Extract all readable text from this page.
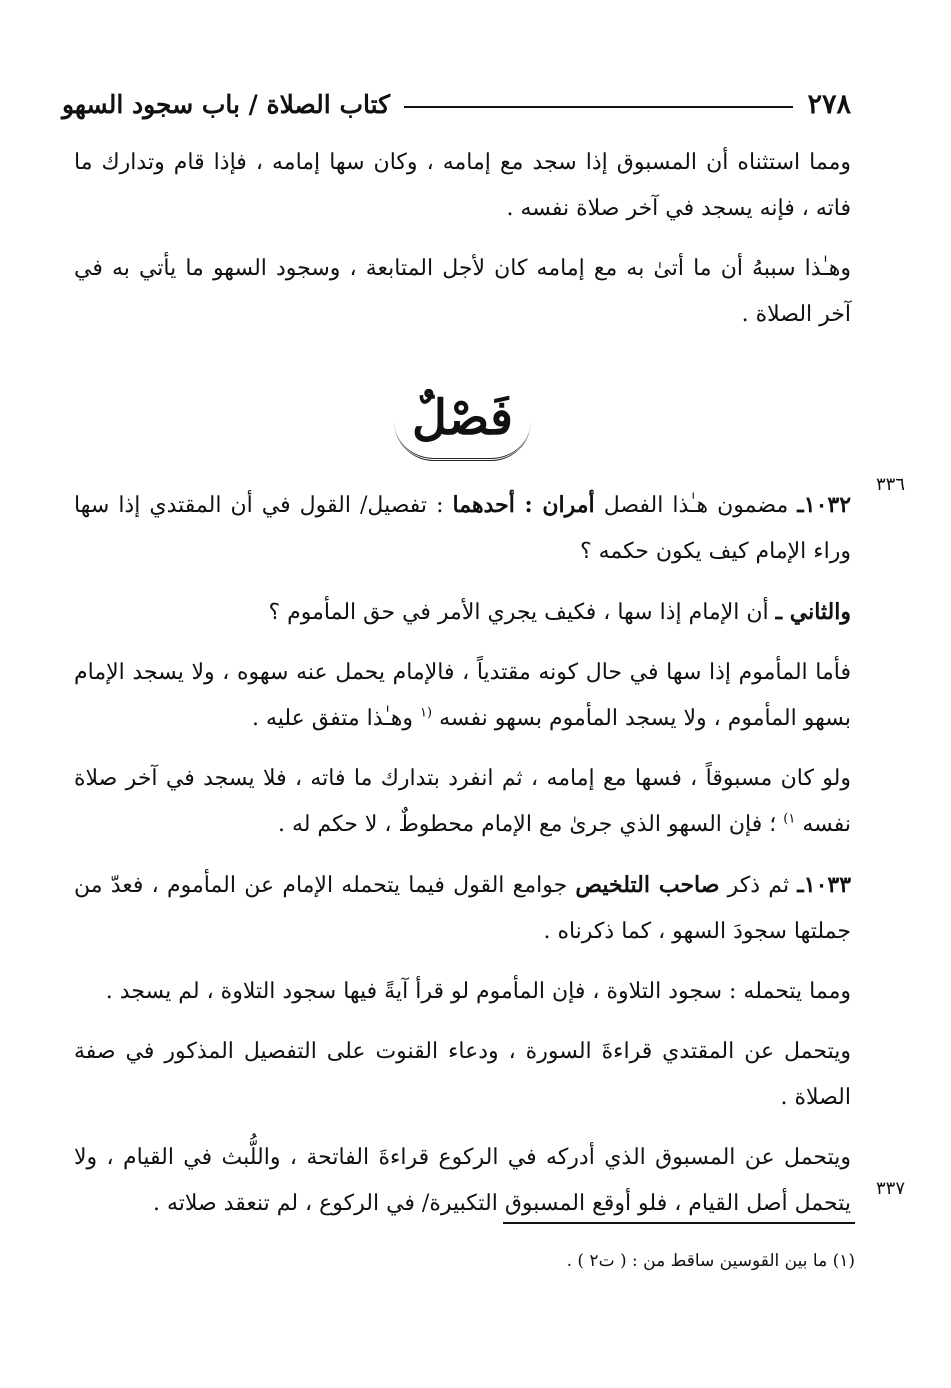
٢٧٨
كتاب الصلاة / باب سجود السهو
٣٣٦
٣٣٧

ومما استثناه أن المسبوق إذا سجد مع إمامه ، وكان سها إمامه ، فإذا قام وتدارك ما فاته ، فإنه يسجد في آخر صلاة نفسه .

وهـٰذا سببهُ أن ما أتىٰ به مع إمامه كان لأجل المتابعة ، وسجود السهو ما يأتي به في آخر الصلاة .

فَصْلٌ

١٠٣٢ـ مضمون هـٰذا الفصل أمران : أحدهما : تفصيل/ القول في أن المقتدي إذا سها وراء الإمام كيف يكون حكمه ؟

والثاني ـ أن الإمام إذا سها ، فكيف يجري الأمر في حق المأموم ؟

فأما المأموم إذا سها في حال كونه مقتدياً ، فالإمام يحمل عنه سهوه ، ولا يسجد الإمام بسهو المأموم ، ولا يسجد المأموم بسهو نفسه $^{(١}$ وهـٰذا متفق عليه .

ولو كان مسبوقاً ، فسها مع إمامه ، ثم انفرد بتدارك ما فاته ، فلا يسجد في آخر صلاة نفسه $^{١)}$ ؛ فإن السهو الذي جرىٰ مع الإمام محطوطٌ ، لا حكم له .

١٠٣٣ـ ثم ذكر صاحب التلخيص جوامع القول فيما يتحمله الإمام عن المأموم ، فعدّ من جملتها سجودَ السهو ، كما ذكرناه .

ومما يتحمله : سجود التلاوة ، فإن المأموم لو قرأ آيةً فيها سجود التلاوة ، لم يسجد .

ويتحمل عن المقتدي قراءةَ السورة ، ودعاء القنوت على التفصيل المذكور في صفة الصلاة .

ويتحمل عن المسبوق الذي أدركه في الركوع قراءةَ الفاتحة ، واللُّبث في القيام ، ولا يتحمل أصل القيام ، فلو أوقع المسبوق التكبيرة/ في الركوع ، لم تنعقد صلاته .

(١) ما بين القوسين ساقط من : ( ت٢ ) .
